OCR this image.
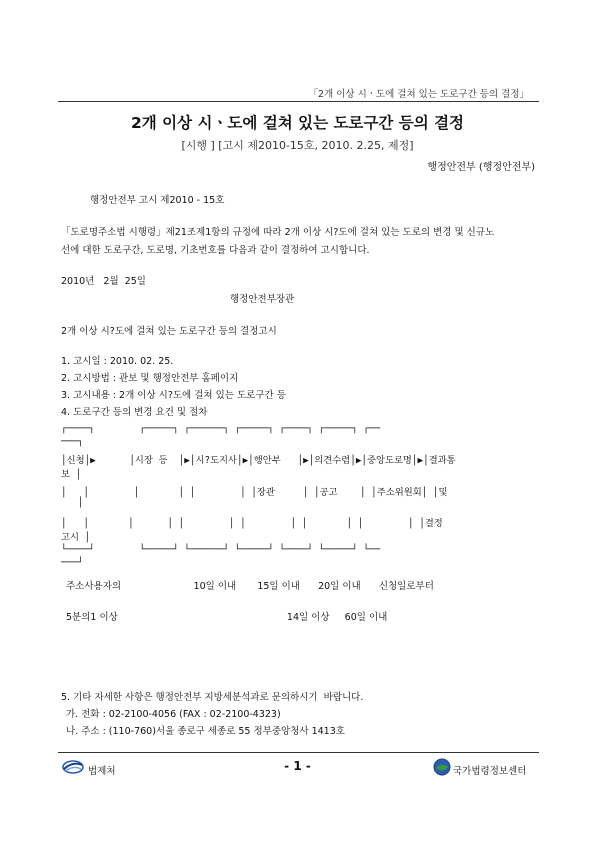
「2개 이상 시ㆍ도에 걸쳐 있는 도로구간 등의 결정」
2개 이상 시ㆍ도에 걸쳐 있는 도로구간 등의 결정
[시행 ] [고시 제2010-15호, 2010. 2.25, 제정]
행정안전부 (행정안전부)
행정안전부 고시 제2010 - 15호
「도로명주소법 시행령」제21조제1항의 규정에 따라 2개 이상 시?도에 걸쳐 있는 도로의 변경 및 신규노
선에 대한 도로구간, 도로명, 기초번호를 다음과 같이 결정하여 고시합니다.
2010년   2월  25일
행정안전부장관
2개 이상 시?도에 걸쳐 있는 도로구간 등의 결정고시
1. 고시일 : 2010. 02. 25.
2. 고시방법 : 관보 및 행정안전부 홈페이지
3. 고시내용 : 2개 이상 시?도에 걸쳐 있는 도로구간 등
4. 도로구간 등의 변경 요건 및 절차
┌────┐        ┌─────┐ ┌──────┐ ┌─────┐ ┌────┐ ┌─────┐ ┌──
───┐
│신청│▶      │시장 등  │▶│시?도지사│▶│행안부   │▶│의견수렴│▶│중앙도로명│▶│결과통
보 │
│   │        │       │ │        │ │장관     │ │공고    │ │주소위원회│ │및
│
│   │       │      │ │        │ │        │ │       │ │        │ │결정
고시 │
└────┘        └─────┘ └──────┘ └─────┘ └────┘ └─────┘ └──
───┘
주소사용자의                        10일 이내       15일 이내      20일 이내      신청일로부터
5분의1 이상                                                        14일 이상     60일 이내
5. 기타 자세한 사항은 행정안전부 지방세분석과로 문의하시기  바랍니다.
가. 전화 : 02-2100-4056 (FAX : 02-2100-4323)
나. 주소 : (110-760)서울 종로구 세종로 55 정부중앙청사 1413호
법제처	- 1 -	국가법령정보센터
